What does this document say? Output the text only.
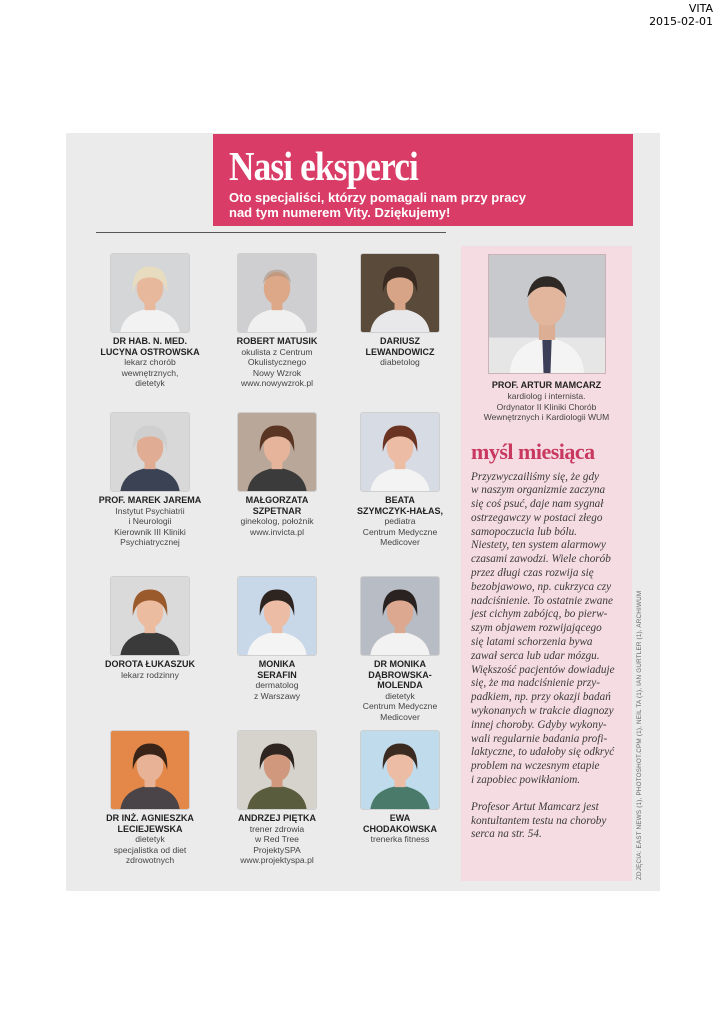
VITA
2015-02-01
Nasi eksperci
Oto specjaliści, którzy pomagali nam przy pracy
nad tym numerem Vity. Dziękujemy!
DR HAB. N. MED.
LUCYNA OSTROWSKA
lekarz chorób
wewnętrznych,
dietetyk
ROBERT MATUSIK
okulista z Centrum
Okulistycznego
Nowy Wzrok
www.nowywzrok.pl
DARIUSZ
LEWANDOWICZ
diabetolog
PROF. MAREK JAREMA
Instytut Psychiatrii
i Neurologii
Kierownik III Kliniki
Psychiatrycznej
MAŁGORZATA
SZPETNAR
ginekolog, położnik
www.invicta.pl
BEATA
SZYMCZYK-HAŁAS,
pediatra
Centrum Medyczne
Medicover
DOROTA ŁUKASZUK
lekarz rodzinny
MONIKA
SERAFIN
dermatolog
z Warszawy
DR MONIKA
DĄBROWSKA-
MOLENDA
dietetyk
Centrum Medyczne
Medicover
DR INŻ. AGNIESZKA
LECIEJEWSKA
dietetyk
specjalistka od diet
zdrowotnych
ANDRZEJ PIĘTKA
trener zdrowia
w Red Tree
ProjektySPA
www.projektyspa.pl
EWA
CHODAKOWSKA
trenerka fitness
PROF. ARTUR MAMCARZ
kardiolog i internista.
Ordynator II Kliniki Chorób
Wewnętrznych i Kardiologii WUM
myśl miesiąca
Przyzwyczailiśmy się, że gdy
w naszym organizmie zaczyna
się coś psuć, daje nam sygnał
ostrzegawczy w postaci złego
samopoczucia lub bólu.
Niestety, ten system alarmowy
czasami zawodzi. Wiele chorób
przez długi czas rozwija się
bezobjawowo, np. cukrzyca czy
nadciśnienie. To ostatnie zwane
jest cichym zabójcą, bo pierw-
szym objawem rozwijającego
się latami schorzenia bywa
zawał serca lub udar mózgu.
Większość pacjentów dowiaduje
się, że ma nadciśnienie przy-
padkiem, np. przy okazji badań
wykonanych w trakcie diagnozy
innej choroby. Gdyby wykony-
wali regularnie badania profi-
laktyczne, to udałoby się odkryć
problem na wczesnym etapie
i zapobiec powikłaniom.
Profesor Artut Mamcarz jest
kontultantem testu na choroby
serca na str. 54.	ZDJĘCIA: EAST NEWS (1), PHOTOSHOT.CPM (1), NEIL TA (1), IAN GURTLER (1), ARCHIWUM
